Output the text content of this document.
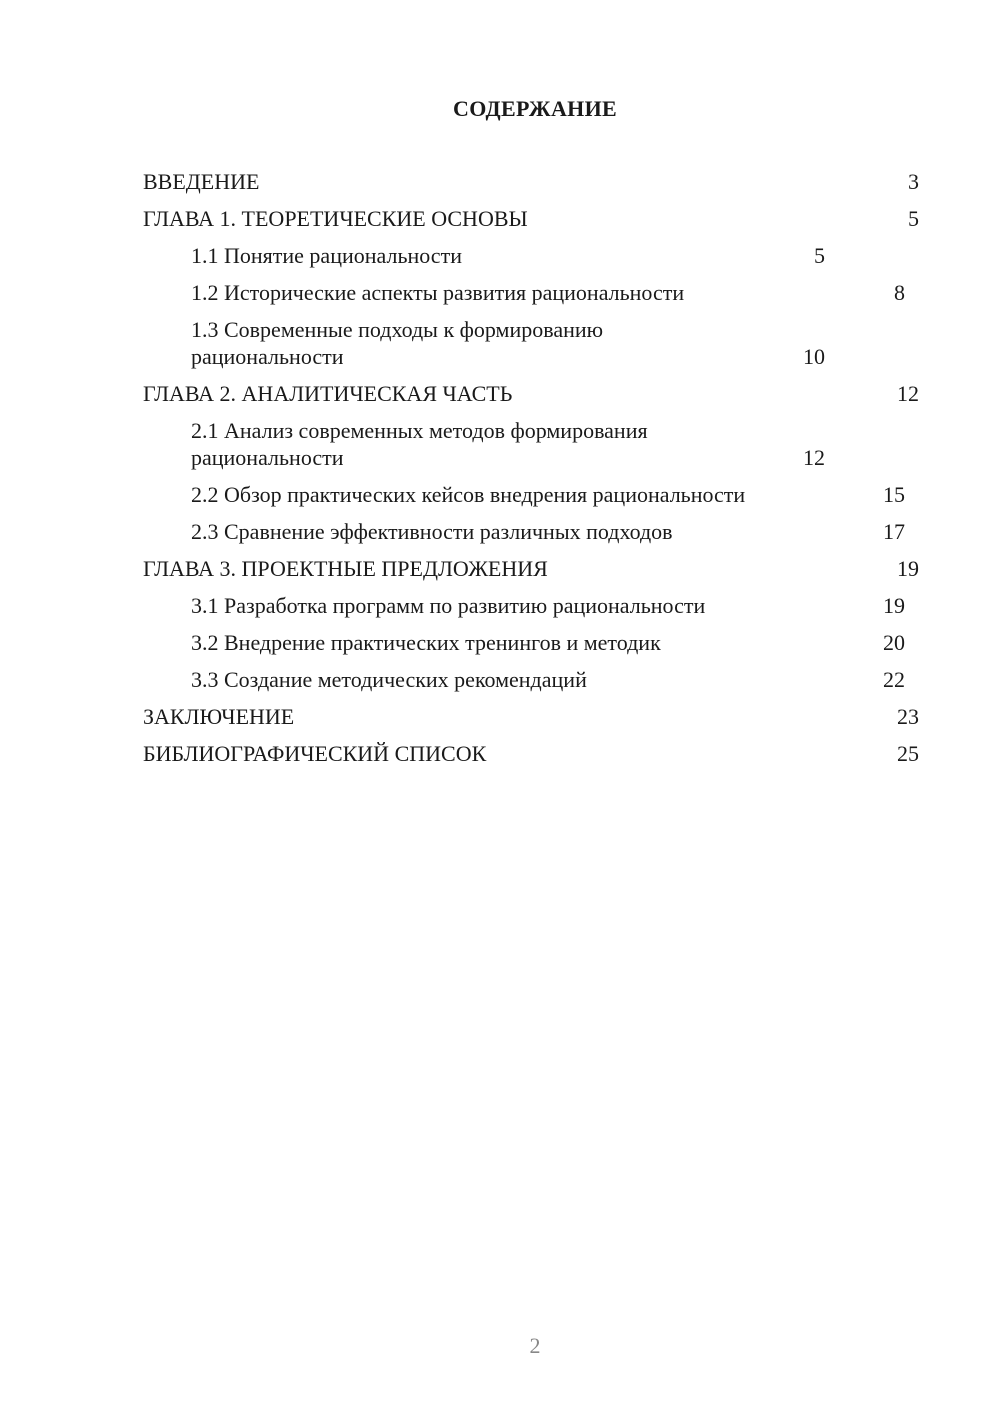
СОДЕРЖАНИЕ
ВВЕДЕНИЕ	3
ГЛАВА 1. ТЕОРЕТИЧЕСКИЕ ОСНОВЫ	5
1.1 Понятие рациональности	5
1.2 Исторические аспекты развития рациональности	8
1.3 Современные подходы к формированию рациональности	10
ГЛАВА 2. АНАЛИТИЧЕСКАЯ ЧАСТЬ	12
2.1 Анализ современных методов формирования рациональности	12
2.2 Обзор практических кейсов внедрения рациональности	15
2.3 Сравнение эффективности различных подходов	17
ГЛАВА 3. ПРОЕКТНЫЕ ПРЕДЛОЖЕНИЯ	19
3.1 Разработка программ по развитию рациональности	19
3.2 Внедрение практических тренингов и методик	20
3.3 Создание методических рекомендаций	22
ЗАКЛЮЧЕНИЕ	23
БИБЛИОГРАФИЧЕСКИЙ СПИСОК	25
2
